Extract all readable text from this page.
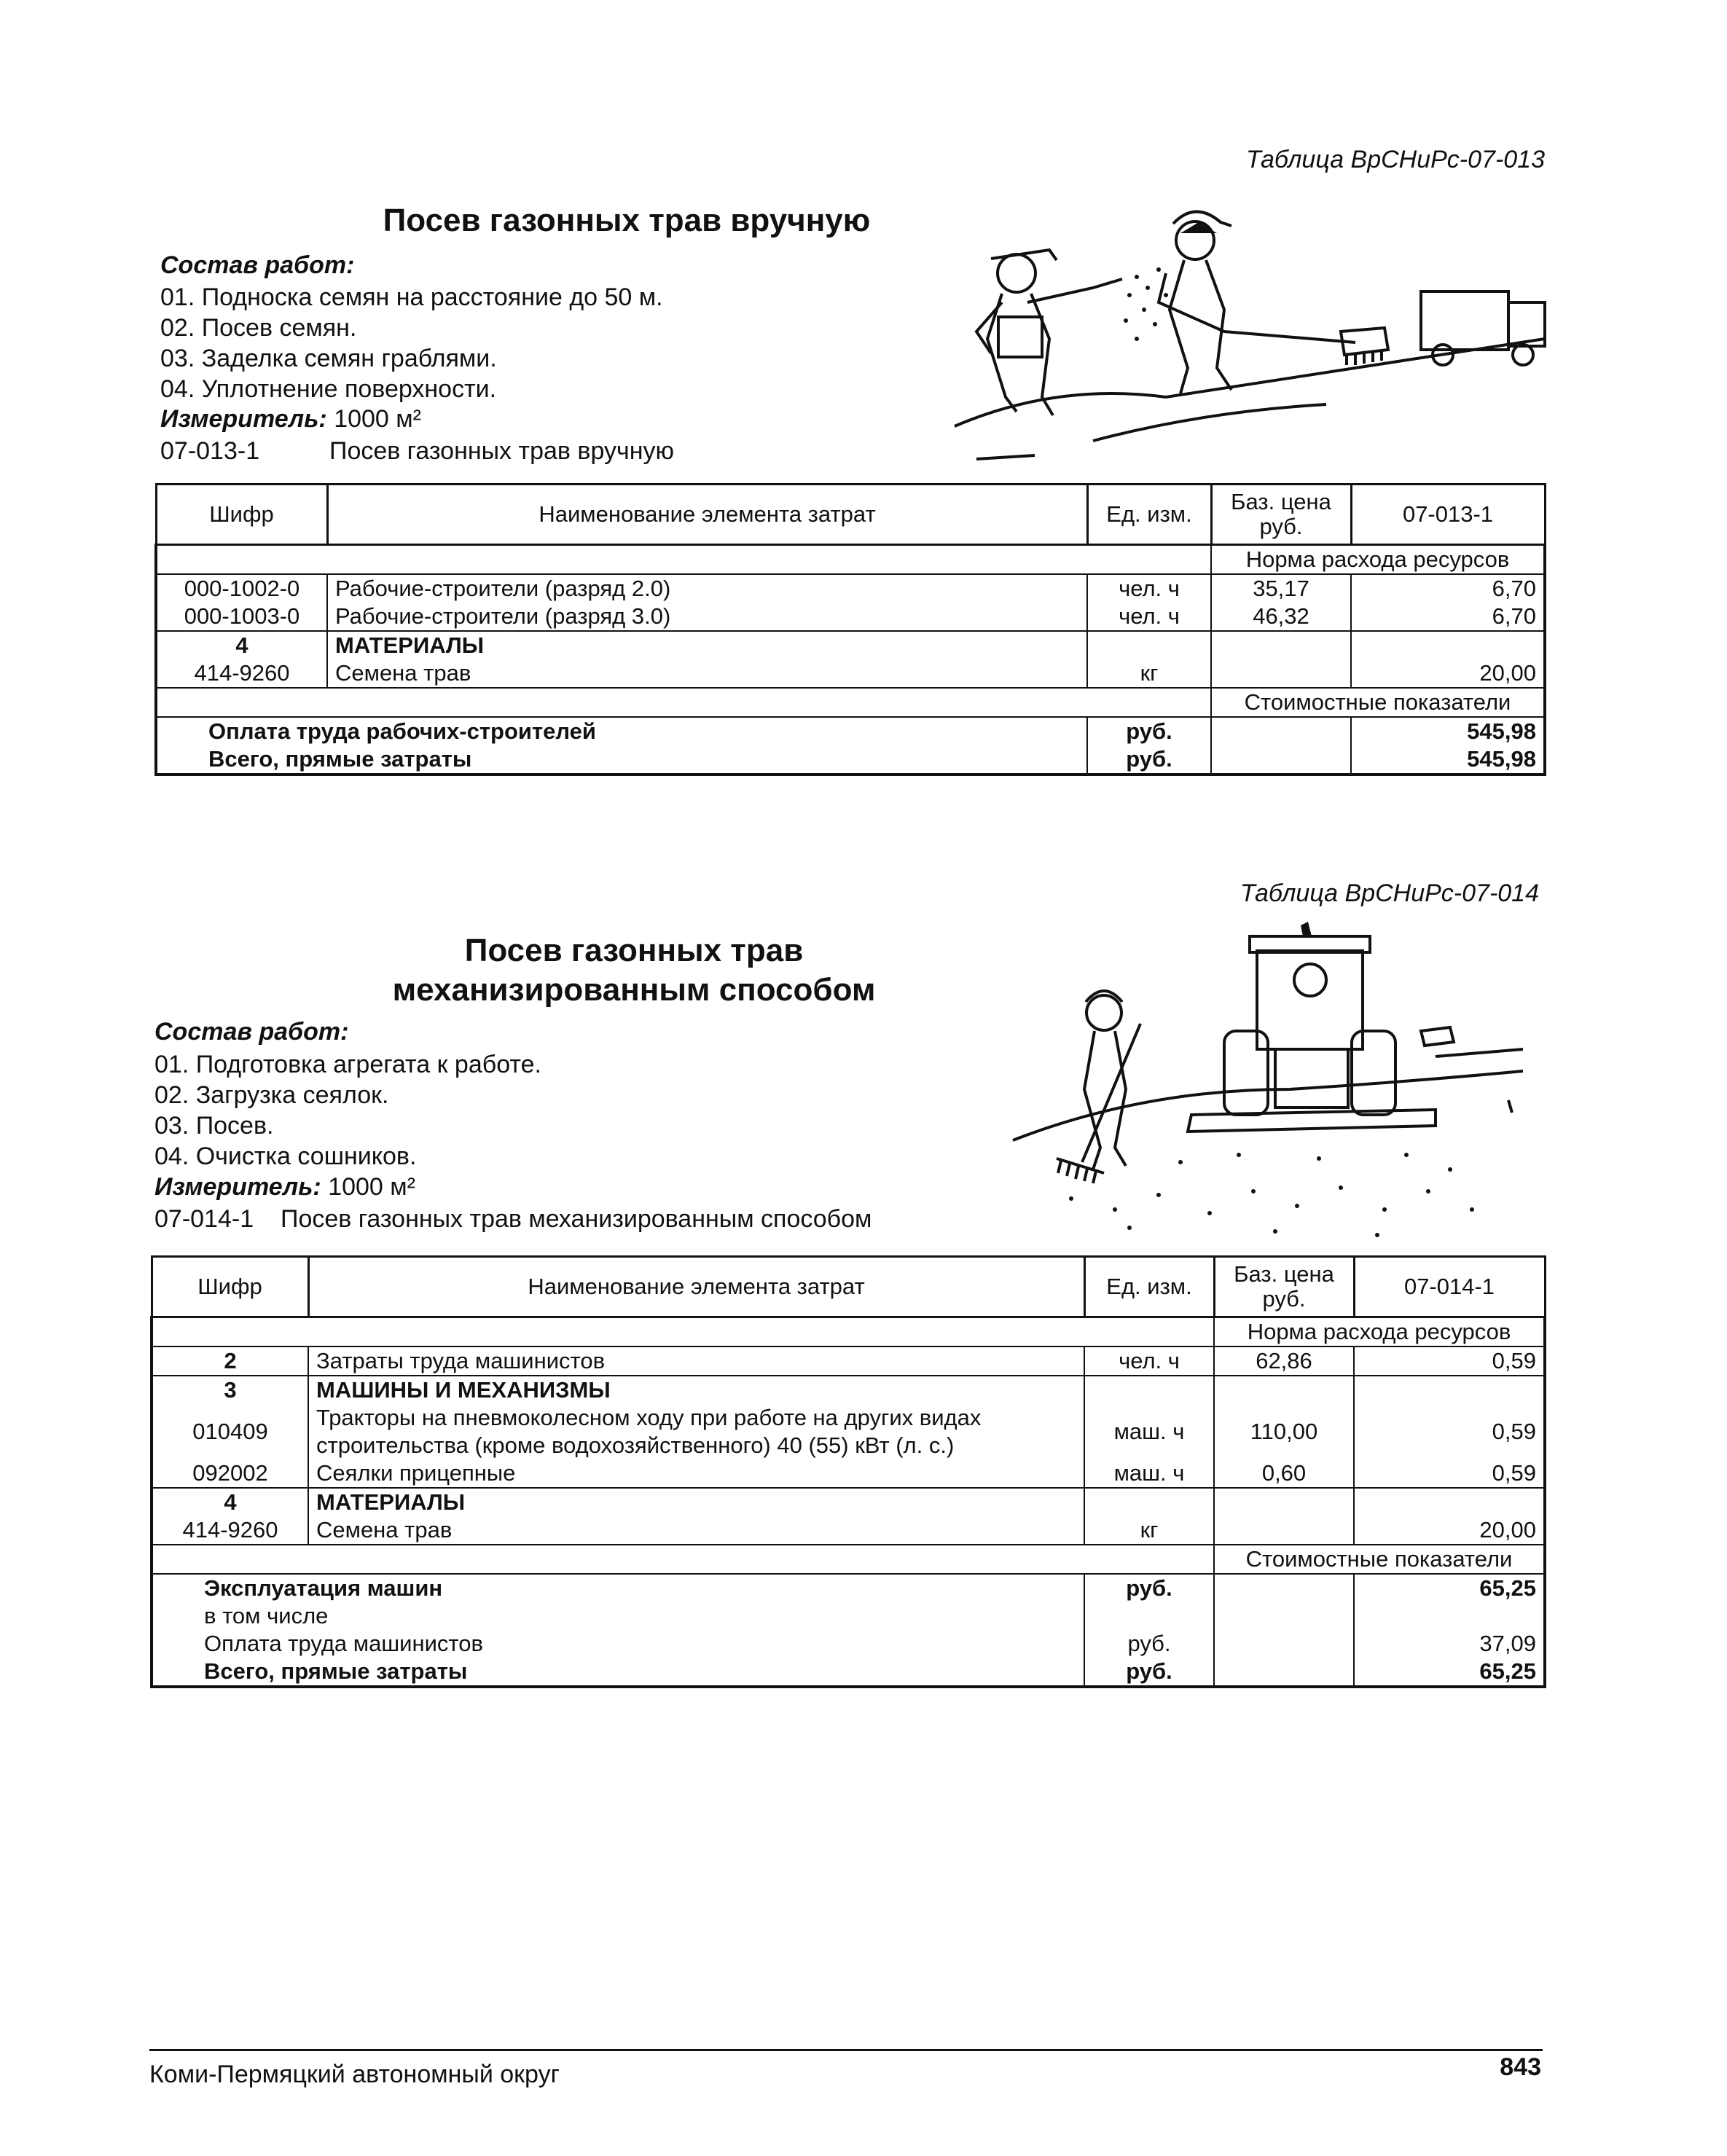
Таблица ВрСНиРс-07-013
Посев газонных трав вручную
Состав работ:
01. Подноска семян на расстояние до 50 м.
02. Посев семян.
03. Заделка семян граблями.
04. Уплотнение поверхности.
Измеритель: 1000 м²
07-013-1	Посев газонных трав вручную
Шифр	Наименование элемента затрат	Ед. изм.	Баз. цена руб.	07-013-1
			Норма расхода ресурсов	
000-1002-0	Рабочие-строители (разряд 2.0)	чел. ч	35,17	6,70
000-1003-0	Рабочие-строители (разряд 3.0)	чел. ч	46,32	6,70
4	МАТЕРИАЛЫ			
414-9260	Семена трав	кг		20,00
			Стоимостные показатели	
Оплата труда рабочих-строителей		руб.		545,98
Всего, прямые затраты		руб.		545,98
Таблица ВрСНиРс-07-014
Посев газонных трав
механизированным способом
Состав работ:
01. Подготовка агрегата к работе.
02. Загрузка сеялок.
03. Посев.
04. Очистка сошников.
Измеритель: 1000 м²
07-014-1 Посев газонных трав механизированным способом
Шифр	Наименование элемента затрат	Ед. изм.	Баз. цена руб.	07-014-1
			Норма расхода ресурсов	
2	Затраты труда машинистов	чел. ч	62,86	0,59
3	МАШИНЫ И МЕХАНИЗМЫ			
010409	Тракторы на пневмоколесном ходу при работе на других видах строительства (кроме водохозяйственного) 40 (55) кВт (л. с.)	маш. ч	110,00	0,59
092002	Сеялки прицепные	маш. ч	0,60	0,59
4	МАТЕРИАЛЫ			
414-9260	Семена трав	кг		20,00
			Стоимостные показатели	
Эксплуатация машин		руб.		65,25
в том числе				
Оплата труда машинистов		руб.		37,09
Всего, прямые затраты		руб.		65,25
Коми-Пермяцкий автономный округ	843
